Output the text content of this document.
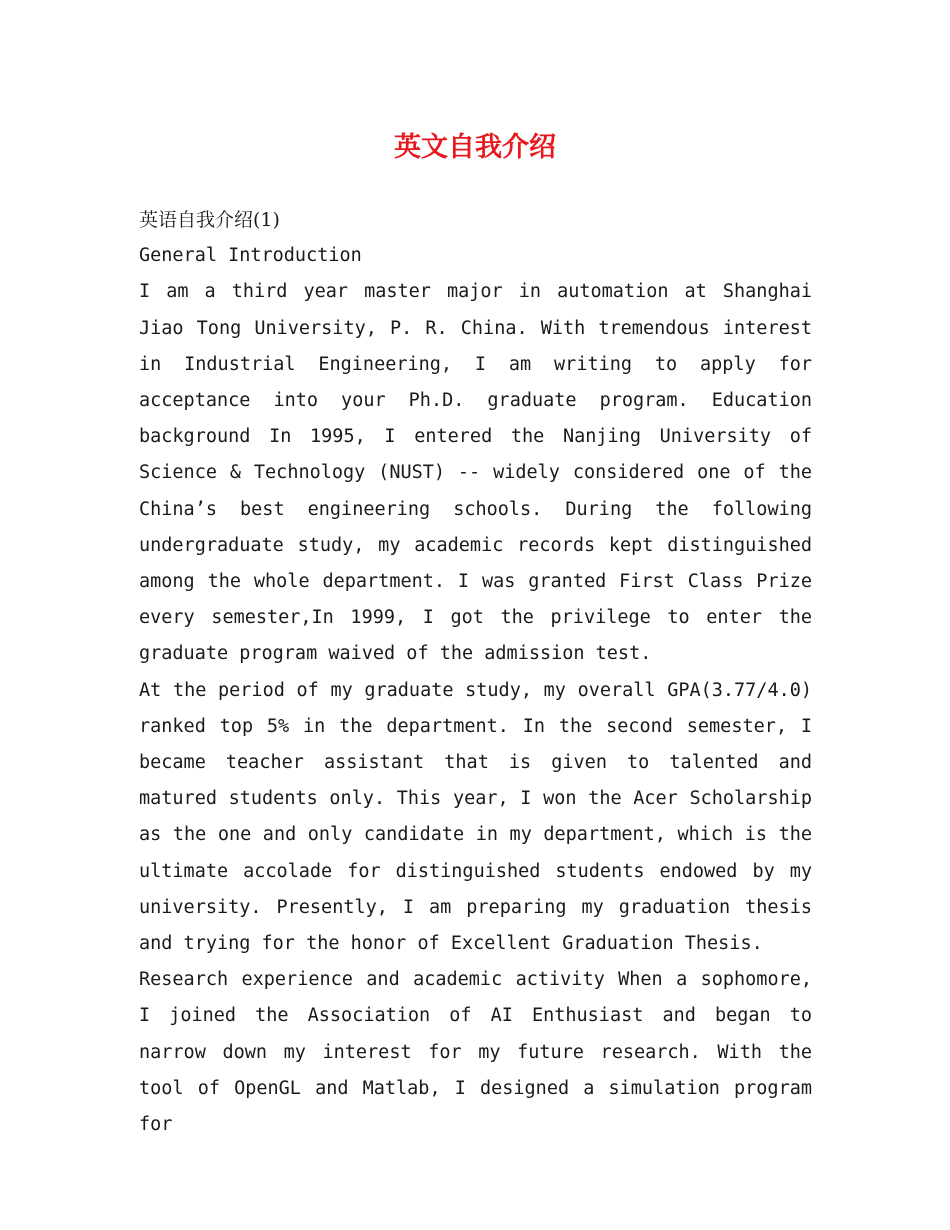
英文自我介绍

英语自我介绍(1)

General Introduction

I am a third year master major in automation at Shanghai Jiao Tong University, P. R. China. With tremendous interest in Industrial Engineering, I am writing to apply for acceptance into your Ph.D. graduate program. Education background In 1995, I entered the Nanjing University of Science & Technology (NUST) -- widely considered one of the China’s best engineering schools. During the following undergraduate study, my academic records kept distinguished among the whole department. I was granted First Class Prize every semester,In 1999, I got the privilege to enter the graduate program waived of the admission test.

At the period of my graduate study, my overall GPA(3.77/4.0) ranked top 5% in the department. In the second semester, I became teacher assistant that is given to talented and matured students only. This year, I won the Acer Scholarship as the one and only candidate in my department, which is the ultimate accolade for distinguished students endowed by my university. Presently, I am preparing my graduation thesis and trying for the honor of Excellent Graduation Thesis.

Research experience and academic activity When a sophomore, I joined the Association of AI Enthusiast and began to narrow down my interest for my future research. With the tool of OpenGL and Matlab, I designed a simulation program for
